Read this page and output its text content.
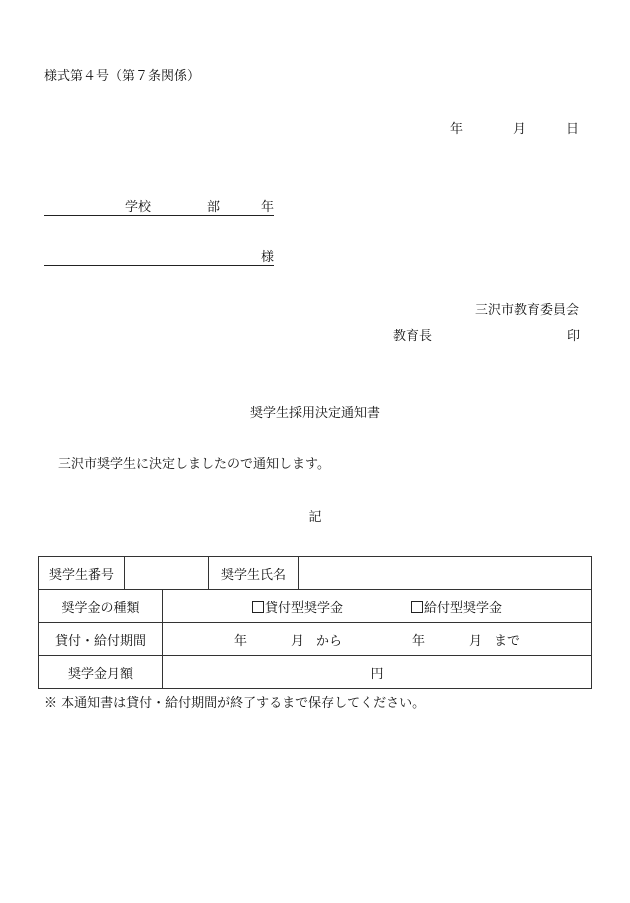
様式第４号（第７条関係）
年	月	日
学校	部	年
様
三沢市教育委員会
教育長	印
奨学生採用決定通知書
三沢市奨学生に決定しましたので通知します。
記
奨学生番号			奨学生氏名	
奨学金の種類		貸付型奨学金 給付型奨学金		
貸付・給付期間		年 月 から 年 月 まで		
奨学金月額		円		
※ 本通知書は貸付・給付期間が終了するまで保存してください。
